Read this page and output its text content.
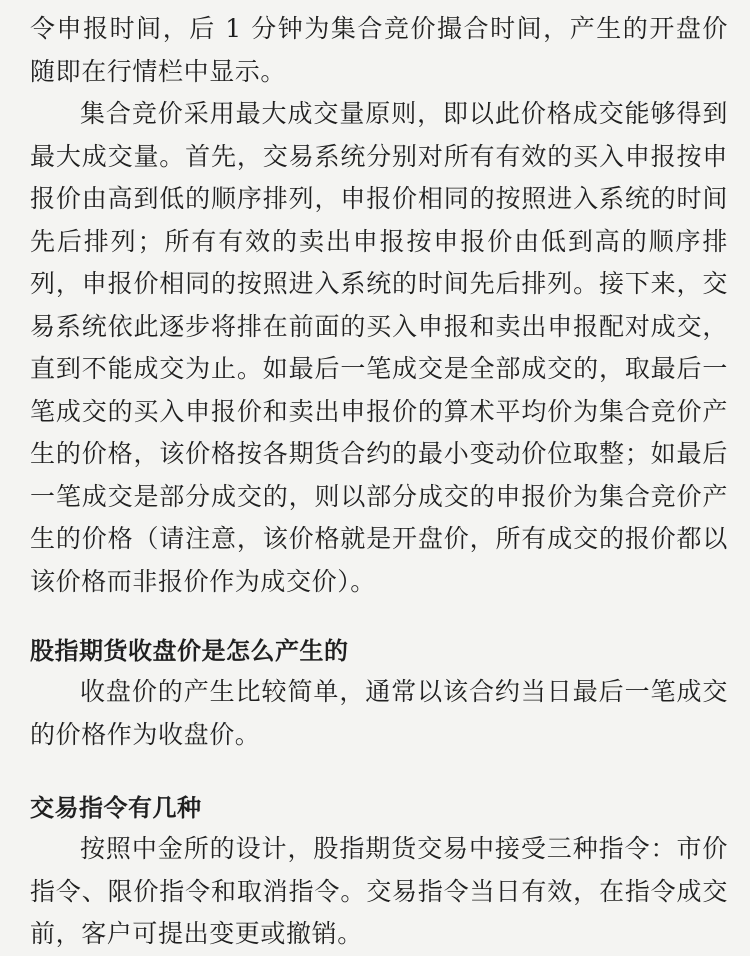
令申报时间，后 1 分钟为集合竞价撮合时间，产生的开盘价随即在行情栏中显示。

集合竞价采用最大成交量原则，即以此价格成交能够得到最大成交量。首先，交易系统分别对所有有效的买入申报按申报价由高到低的顺序排列，申报价相同的按照进入系统的时间先后排列；所有有效的卖出申报按申报价由低到高的顺序排列，申报价相同的按照进入系统的时间先后排列。接下来，交易系统依此逐步将排在前面的买入申报和卖出申报配对成交，直到不能成交为止。如最后一笔成交是全部成交的，取最后一笔成交的买入申报价和卖出申报价的算术平均价为集合竞价产生的价格，该价格按各期货合约的最小变动价位取整；如最后一笔成交是部分成交的，则以部分成交的申报价为集合竞价产生的价格（请注意，该价格就是开盘价，所有成交的报价都以该价格而非报价作为成交价）。

股指期货收盘价是怎么产生的

收盘价的产生比较简单，通常以该合约当日最后一笔成交的价格作为收盘价。

交易指令有几种

按照中金所的设计，股指期货交易中接受三种指令：市价指令、限价指令和取消指令。交易指令当日有效，在指令成交前，客户可提出变更或撤销。
